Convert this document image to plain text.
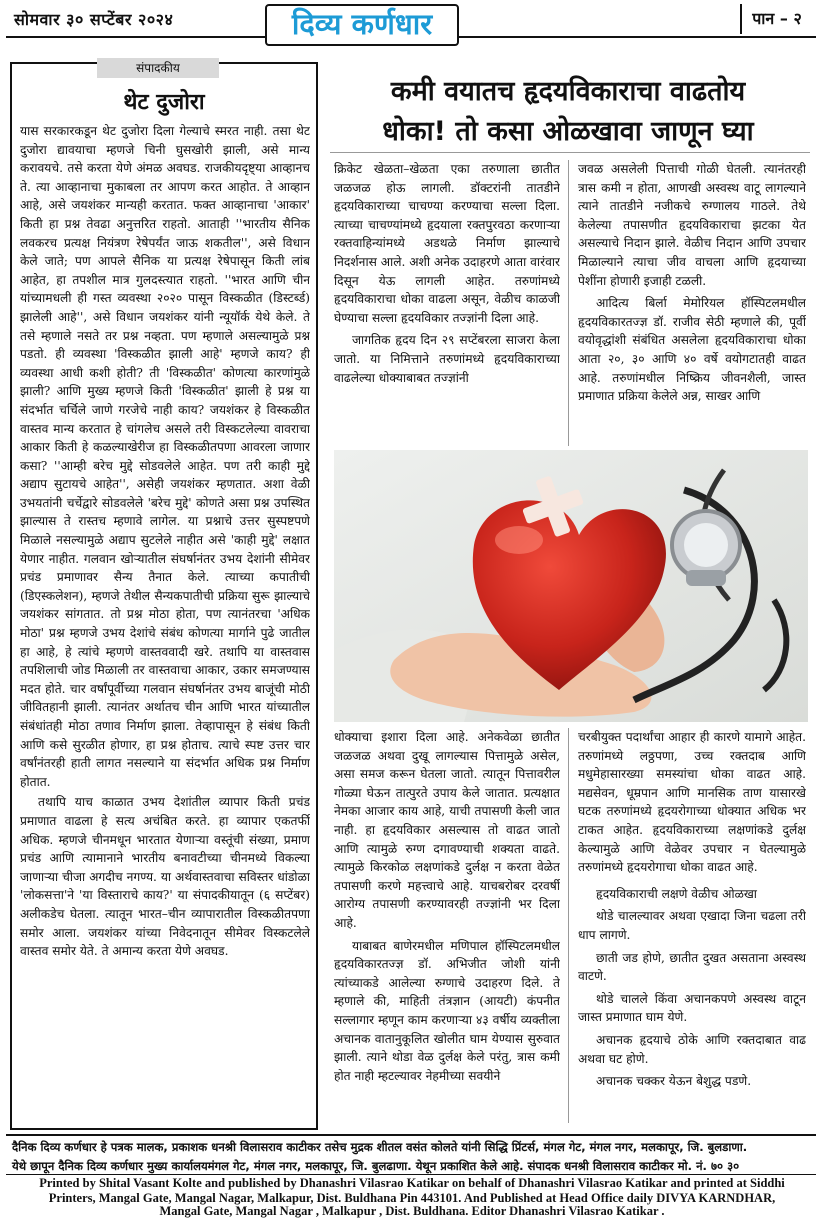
सोमवार ३० सप्टेंबर २०२४	दिव्य कर्णधार	पान – २
संपादकीय
थेट दुजोरा

यास सरकारकडून थेट दुजोरा दिला गेल्याचे स्मरत नाही. तसा थेट दुजोरा द्यावयाचा म्हणजे चिनी घुसखोरी झाली, असे मान्य करावयचे. तसे करता येणे अंमळ अवघड. राजकीयदृष्ट्या आव्हानच ते. त्या आव्हानाचा मुकाबला तर आपण करत आहोत. ते आव्हान आहे, असे जयशंकर मान्यही करतात. फक्त आव्हानाचा 'आकार' किती हा प्रश्न तेवढा अनुत्तरित राहतो. आताही ''भारतीय सैनिक लवकरच प्रत्यक्ष नियंत्रण रेषेपर्यंत जाऊ शकतील'', असे विधान केले जाते; पण आपले सैनिक या प्रत्यक्ष रेषेपासून किती लांब आहेत, हा तपशील मात्र गुलदस्त्यात राहतो. ''भारत आणि चीन यांच्यामधली ही गस्त व्यवस्था २०२० पासून विस्कळीत (डिस्टर्ब्ड) झालेली आहे'', असे विधान जयशंकर यांनी न्यूयॉर्क येथे केले. ते तसे म्हणाले नसते तर प्रश्न नव्हता. पण म्हणाले असल्यामुळे प्रश्न पडतो. ही व्यवस्था 'विस्कळीत झाली आहे' म्हणजे काय? ही व्यवस्था आधी कशी होती? ती 'विस्कळीत' कोणत्या कारणांमुळे झाली? आणि मुख्य म्हणजे किती 'विस्कळीत' झाली हे प्रश्न या संदर्भात चर्चिले जाणे गरजेचे नाही काय? जयशंकर हे विस्कळीत वास्तव मान्य करतात हे चांगलेच असले तरी विस्कटलेल्या वावराचा आकार किती हे कळल्याखेरीज हा विस्कळीतपणा आवरला जाणार कसा? ''आम्ही बरेच मुद्दे सोडवलेले आहेत. पण तरी काही मुद्दे अद्याप सुटायचे आहेत'', असेही जयशंकर म्हणतात. अशा वेळी उभयतांनी चर्चेद्वारे सोडवलेले 'बरेच मुद्दे' कोणते असा प्रश्न उपस्थित झाल्यास ते रास्तच म्हणावे लागेल. या प्रश्नाचे उत्तर सुस्पष्टपणे मिळाले नसल्यामुळे अद्याप सुटलेले नाहीत असे 'काही मुद्दे' लक्षात येणार नाहीत. गलवान खोऱ्यातील संघर्षानंतर उभय देशांनी सीमेवर प्रचंड प्रमाणावर सैन्य तैनात केले. त्याच्या कपातीची (डिएस्कलेशन), म्हणजे तेथील सैन्यकपातीची प्रक्रिया सुरू झाल्याचे जयशंकर सांगतात. तो प्रश्न मोठा होता, पण त्यानंतरचा 'अधिक मोठा' प्रश्न म्हणजे उभय देशांचे संबंध कोणत्या मार्गाने पुढे जातील हा आहे, हे त्यांचे म्हणणे वास्तववादी खरे. तथापि या वास्तवास तपशिलाची जोड मिळाली तर वास्तवाचा आकार, उकार समजण्यास मदत होते. चार वर्षांपूर्वीच्या गलवान संघर्षानंतर उभय बाजूंची मोठी जीवितहानी झाली. त्यानंतर अर्थातच चीन आणि भारत यांच्यातील संबंधांतही मोठा तणाव निर्माण झाला. तेव्हापासून हे संबंध किती आणि कसे सुरळीत होणार, हा प्रश्न होताच. त्याचे स्पष्ट उत्तर चार वर्षांनंतरही हाती लागत नसल्याने या संदर्भात अधिक प्रश्न निर्माण होतात.

तथापि याच काळात उभय देशांतील व्यापार किती प्रचंड प्रमाणात वाढला हे सत्य अचंबित करते. हा व्यापार एकतर्फी अधिक. म्हणजे चीनमधून भारतात येणाऱ्या वस्तूंची संख्या, प्रमाण प्रचंड आणि त्यामानाने भारतीय बनावटीच्या चीनमध्ये विकल्या जाणाऱ्या चीजा अगदीच नगण्य. या अर्थवास्तवाचा सविस्तर धांडोळा 'लोकसत्ता'ने 'या विस्ताराचे काय?' या संपादकीयातून (६ सप्टेंबर) अलीकडेच घेतला. त्यातून भारत–चीन व्यापारातील विस्कळीतपणा समोर आला. जयशंकर यांच्या निवेदनातून सीमेवर विस्कटलेले वास्तव समोर येते. ते अमान्य करता येणे अवघड.

कमी वयातच हृदयविकाराचा वाढतोय
धोका! तो कसा ओळखावा जाणून घ्या

क्रिकेट खेळता–खेळता एका तरुणाला छातीत जळजळ होऊ लागली. डॉक्टरांनी तातडीने हृदयविकाराच्या चाचण्या करण्याचा सल्ला दिला. त्याच्या चाचण्यांमध्ये हृदयाला रक्तपुरवठा करणाऱ्या रक्तवाहिन्यांमध्ये अडथळे निर्माण झाल्याचे निदर्शनास आले. अशी अनेक उदाहरणे आता वारंवार दिसून येऊ लागली आहेत. तरुणांमध्ये हृदयविकाराचा धोका वाढला असून, वेळीच काळजी घेण्याचा सल्ला हृदयविकार तज्ज्ञांनी दिला आहे.

जागतिक हृदय दिन २९ सप्टेंबरला साजरा केला जातो. या निमित्ताने तरुणांमध्ये हृदयविकाराच्या वाढलेल्या धोक्याबाबत तज्ज्ञांनी

जवळ असलेली पित्ताची गोळी घेतली. त्यानंतरही त्रास कमी न होता, आणखी अस्वस्थ वाटू लागल्याने त्याने तातडीने नजीकचे रुग्णालय गाठले. तेथे केलेल्या तपासणीत हृदयविकाराचा झटका येत असल्याचे निदान झाले. वेळीच निदान आणि उपचार मिळाल्याने त्याचा जीव वाचला आणि हृदयाच्या पेशींना होणारी इजाही टळली.

आदित्य बिर्ला मेमोरियल हॉस्पिटलमधील हृदयविकारतज्ज्ञ डॉ. राजीव सेठी म्हणाले की, पूर्वी वयोवृद्धांशी संबंधित असलेला हृदयविकाराचा धोका आता २०, ३० आणि ४० वर्षे वयोगटातही वाढत आहे. तरुणांमधील निष्क्रिय जीवनशैली, जास्त प्रमाणात प्रक्रिया केलेले अन्न, साखर आणि

धोक्याचा इशारा दिला आहे. अनेकवेळा छातीत जळजळ अथवा दुखू लागल्यास पित्तामुळे असेल, असा समज करून घेतला जातो. त्यातून पित्तावरील गोळ्या घेऊन तात्पुरते उपाय केले जातात. प्रत्यक्षात नेमका आजार काय आहे, याची तपासणी केली जात नाही. हा हृदयविकार असल्यास तो वाढत जातो आणि त्यामुळे रुग्ण दगावण्याची शक्यता वाढते. त्यामुळे किरकोळ लक्षणांकडे दुर्लक्ष न करता वेळेत तपासणी करणे महत्त्वाचे आहे. याचबरोबर दरवर्षी आरोग्य तपासणी करण्यावरही तज्ज्ञांनी भर दिला आहे.

याबाबत बाणेरमधील मणिपाल हॉस्पिटलमधील हृदयविकारतज्ज्ञ डॉ. अभिजीत जोशी यांनी त्यांच्याकडे आलेल्या रुग्णाचे उदाहरण दिले. ते म्हणाले की, माहिती तंत्रज्ञान (आयटी) कंपनीत सल्लागार म्हणून काम करणाऱ्या ४३ वर्षीय व्यक्तीला अचानक वातानुकूलित खोलीत घाम येण्यास सुरुवात झाली. त्याने थोडा वेळ दुर्लक्ष केले परंतु, त्रास कमी होत नाही म्हटल्यावर नेहमीच्या सवयीने

चरबीयुक्त पदार्थांचा आहार ही कारणे यामागे आहेत. तरुणांमध्ये लठ्ठपणा, उच्च रक्तदाब आणि मधुमेहासारख्या समस्यांचा धोका वाढत आहे. मद्यसेवन, धूम्रपान आणि मानसिक ताण यासारखे घटक तरुणांमध्ये हृदयरोगाच्या धोक्यात अधिक भर टाकत आहेत. हृदयविकाराच्या लक्षणांकडे दुर्लक्ष केल्यामुळे आणि वेळेवर उपचार न घेतल्यामुळे तरुणांमध्ये हृदयरोगाचा धोका वाढत आहे.

हृदयविकाराची लक्षणे वेळीच ओळखा

थोडे चालल्यावर अथवा एखादा जिना चढला तरी धाप लागणे.

छाती जड होणे, छातीत दुखत असताना अस्वस्थ वाटणे.

थोडे चालले किंवा अचानकपणे अस्वस्थ वाटून जास्त प्रमाणात घाम येणे.

अचानक हृदयाचे ठोके आणि रक्तदाबात वाढ अथवा घट होणे.

अचानक चक्कर येऊन बेशुद्ध पडणे.

दैनिक दिव्य कर्णधार हे पत्रक मालक, प्रकाशक धनश्री विलासराव काटीकर तसेच मुद्रक शीतल वसंत कोलते यांनी सिद्धि प्रिंटर्स, मंगल गेट, मंगल नगर, मलकापूर, जि. बुलडाणा.
येथे छापून दैनिक दिव्य कर्णधार मुख्य कार्यालयमंगल गेट, मंगल नगर, मलकापूर, जि. बुलढाणा. येथून प्रकाशित केले आहे. संपादक धनश्री विलासराव काटीकर मो. नं. ७० ३०
Printed by Shital Vasant Kolte and published by Dhanashri Vilasrao Katikar on behalf of Dhanashri Vilasrao Katikar and printed at Siddhi
Printers, Mangal Gate, Mangal Nagar, Malkapur, Dist. Buldhana Pin 443101. And Published at Head Office daily DIVYA KARNDHAR,
Mangal Gate, Mangal Nagar , Malkapur , Dist. Buldhana. Editor Dhanashri Vilasrao Katikar .
